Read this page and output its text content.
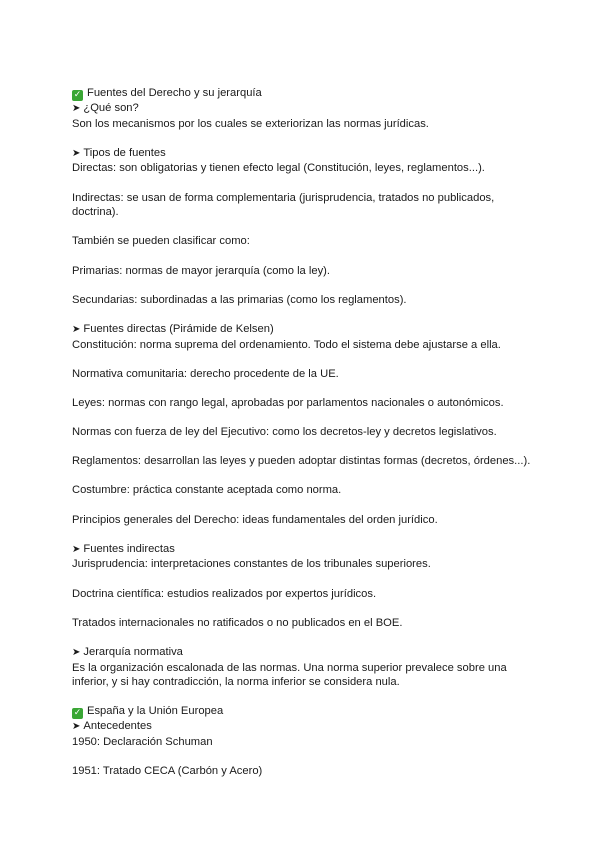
✓ Fuentes del Derecho y su jerarquía
➤ ¿Qué son?
Son los mecanismos por los cuales se exteriorizan las normas jurídicas.
➤ Tipos de fuentes
Directas: son obligatorias y tienen efecto legal (Constitución, leyes, reglamentos...).
Indirectas: se usan de forma complementaria (jurisprudencia, tratados no publicados, doctrina).
También se pueden clasificar como:
Primarias: normas de mayor jerarquía (como la ley).
Secundarias: subordinadas a las primarias (como los reglamentos).
➤ Fuentes directas (Pirámide de Kelsen)
Constitución: norma suprema del ordenamiento. Todo el sistema debe ajustarse a ella.
Normativa comunitaria: derecho procedente de la UE.
Leyes: normas con rango legal, aprobadas por parlamentos nacionales o autonómicos.
Normas con fuerza de ley del Ejecutivo: como los decretos-ley y decretos legislativos.
Reglamentos: desarrollan las leyes y pueden adoptar distintas formas (decretos, órdenes...).
Costumbre: práctica constante aceptada como norma.
Principios generales del Derecho: ideas fundamentales del orden jurídico.
➤ Fuentes indirectas
Jurisprudencia: interpretaciones constantes de los tribunales superiores.
Doctrina científica: estudios realizados por expertos jurídicos.
Tratados internacionales no ratificados o no publicados en el BOE.
➤ Jerarquía normativa
Es la organización escalonada de las normas. Una norma superior prevalece sobre una inferior, y si hay contradicción, la norma inferior se considera nula.
✓ España y la Unión Europea
➤ Antecedentes
1950: Declaración Schuman
1951: Tratado CECA (Carbón y Acero)
